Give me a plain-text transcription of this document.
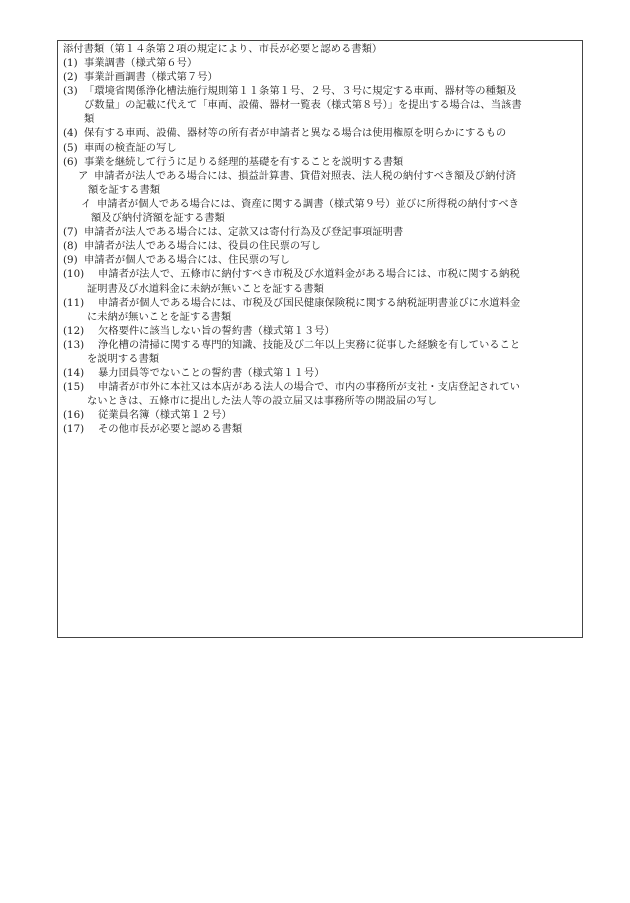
添付書類（第１４条第２項の規定により、市長が必要と認める書類）
(1) 事業調書（様式第６号）
(2) 事業計画調書（様式第７号）
(3) 「環境省関係浄化槽法施行規則第１１条第１号、２号、３号に規定する車両、器材等の種類及
び数量」の記載に代えて「車両、設備、器材一覧表（様式第８号）」を提出する場合は、当該書
類
(4) 保有する車両、設備、器材等の所有者が申請者と異なる場合は使用権原を明らかにするもの
(5) 車両の検査証の写し
(6) 事業を継続して行うに足りる経理的基礎を有することを説明する書類
ア 申請者が法人である場合には、損益計算書、貸借対照表、法人税の納付すべき額及び納付済
額を証する書類
イ 申請者が個人である場合には、資産に関する調書（様式第９号）並びに所得税の納付すべき
額及び納付済額を証する書類
(7) 申請者が法人である場合には、定款又は寄付行為及び登記事項証明書
(8) 申請者が法人である場合には、役員の住民票の写し
(9) 申請者が個人である場合には、住民票の写し
(10)	申請者が法人で、五條市に納付すべき市税及び水道料金がある場合には、市税に関する納税
証明書及び水道料金に未納が無いことを証する書類
(11)	申請者が個人である場合には、市税及び国民健康保険税に関する納税証明書並びに水道料金
に未納が無いことを証する書類
(12)	欠格要件に該当しない旨の誓約書（様式第１３号）
(13)	浄化槽の清掃に関する専門的知識、技能及び二年以上実務に従事した経験を有していること
を説明する書類
(14)	暴力団員等でないことの誓約書（様式第１１号）
(15)	申請者が市外に本社又は本店がある法人の場合で、市内の事務所が支社・支店登記されてい
ないときは、五條市に提出した法人等の設立届又は事務所等の開設届の写し
(16)	従業員名簿（様式第１２号）
(17)	その他市長が必要と認める書類
